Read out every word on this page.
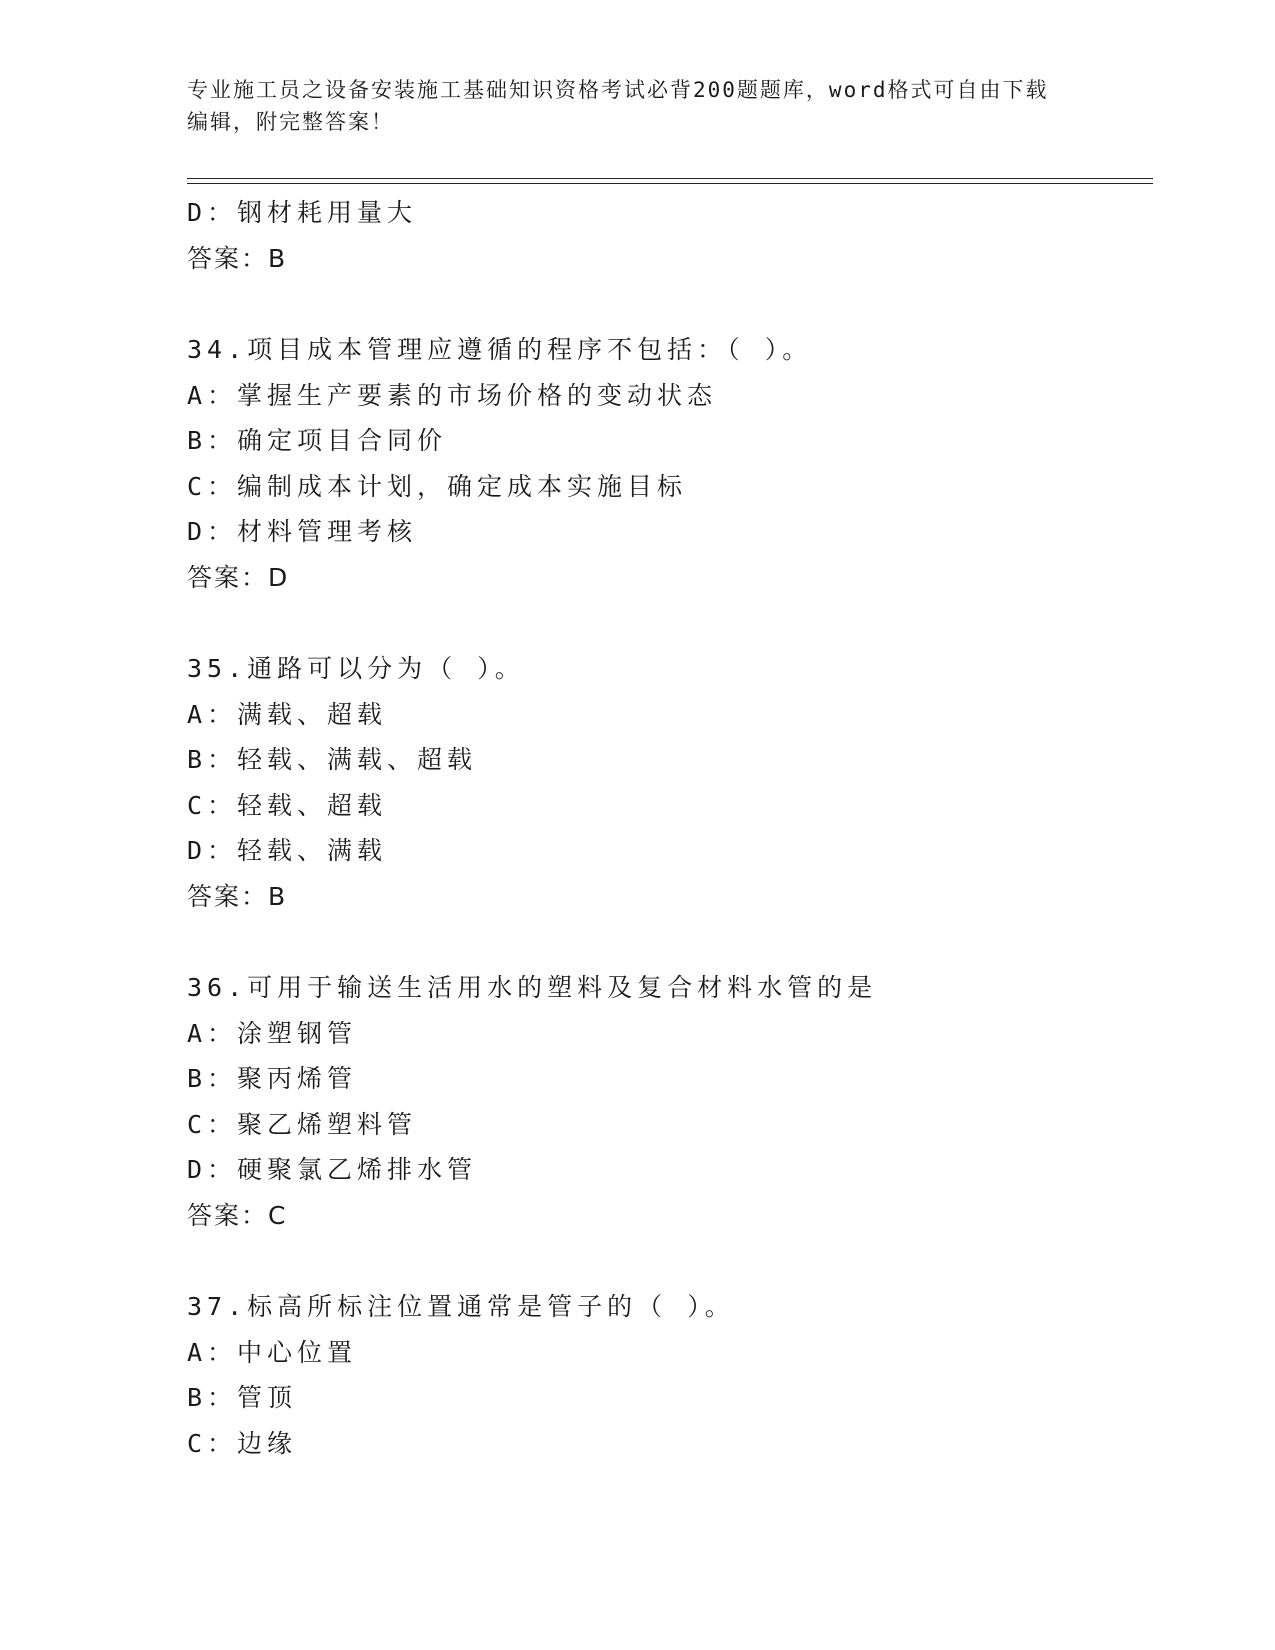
专业施工员之设备安装施工基础知识资格考试必背200题题库，word格式可自由下载编辑，附完整答案！
D：钢材耗用量大
答案：B
34.项目成本管理应遵循的程序不包括：（ ）。
A：掌握生产要素的市场价格的变动状态
B：确定项目合同价
C：编制成本计划，确定成本实施目标
D：材料管理考核
答案：D
35.通路可以分为（ ）。
A：满载、超载
B：轻载、满载、超载
C：轻载、超载
D：轻载、满载
答案：B
36.可用于输送生活用水的塑料及复合材料水管的是
A：涂塑钢管
B：聚丙烯管
C：聚乙烯塑料管
D：硬聚氯乙烯排水管
答案：C
37.标高所标注位置通常是管子的（ ）。
A：中心位置
B：管顶
C：边缘
